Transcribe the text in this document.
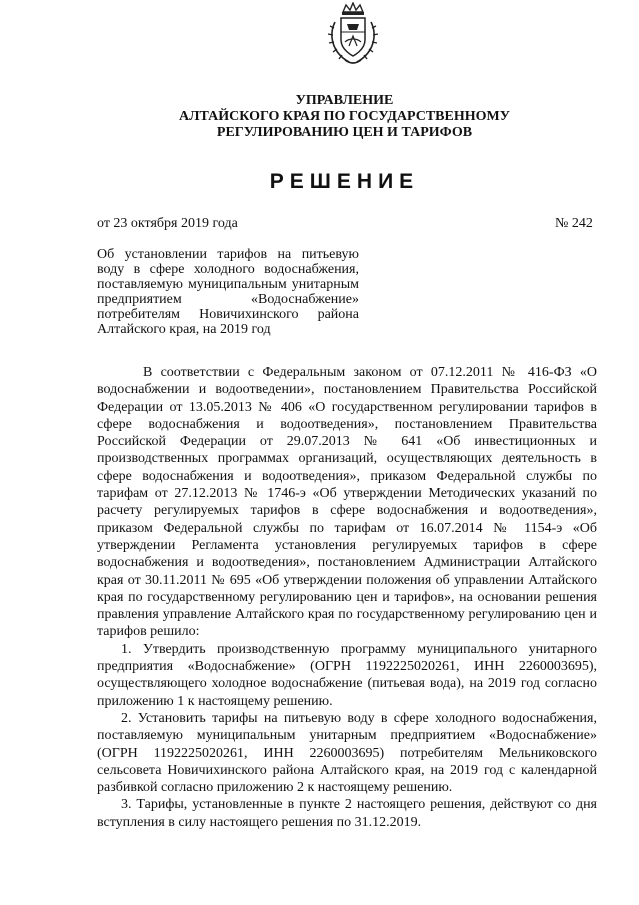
УПРАВЛЕНИЕ
АЛТАЙСКОГО КРАЯ ПО ГОСУДАРСТВЕННОМУ
РЕГУЛИРОВАНИЮ ЦЕН И ТАРИФОВ
РЕШЕНИЕ
от 23 октября 2019 года	№ 242
Об установлении тарифов на питьевую воду в сфере холодного водоснабжения, поставляемую муниципальным унитарным предприятием «Водоснабжение» потребителям Новичихинского района Алтайского края, на 2019 год

В соответствии с Федеральным законом от 07.12.2011 № 416-ФЗ «О водоснабжении и водоотведении», постановлением Правительства Российской Федерации от 13.05.2013 № 406 «О государственном регулировании тарифов в сфере водоснабжения и водоотведения», постановлением Правительства Российской Федерации от 29.07.2013 № 641 «Об инвестиционных и производственных программах организаций, осуществляющих деятельность в сфере водоснабжения и водоотведения», приказом Федеральной службы по тарифам от 27.12.2013 № 1746-э «Об утверждении Методических указаний по расчету регулируемых тарифов в сфере водоснабжения и водоотведения», приказом Федеральной службы по тарифам от 16.07.2014 № 1154-э «Об утверждении Регламента установления регулируемых тарифов в сфере водоснабжения и водоотведения», постановлением Администрации Алтайского края от 30.11.2011 № 695 «Об утверждении положения об управлении Алтайского края по государственному регулированию цен и тарифов», на основании решения правления управление Алтайского края по государственному регулированию цен и тарифов решило:

1. Утвердить производственную программу муниципального унитарного предприятия «Водоснабжение» (ОГРН 1192225020261, ИНН 2260003695), осуществляющего холодное водоснабжение (питьевая вода), на 2019 год согласно приложению 1 к настоящему решению.

2. Установить тарифы на питьевую воду в сфере холодного водоснабжения, поставляемую муниципальным унитарным предприятием «Водоснабжение» (ОГРН 1192225020261, ИНН 2260003695) потребителям Мельниковского сельсовета Новичихинского района Алтайского края, на 2019 год с календарной разбивкой согласно приложению 2 к настоящему решению.

3. Тарифы, установленные в пункте 2 настоящего решения, действуют со дня вступления в силу настоящего решения по 31.12.2019.
